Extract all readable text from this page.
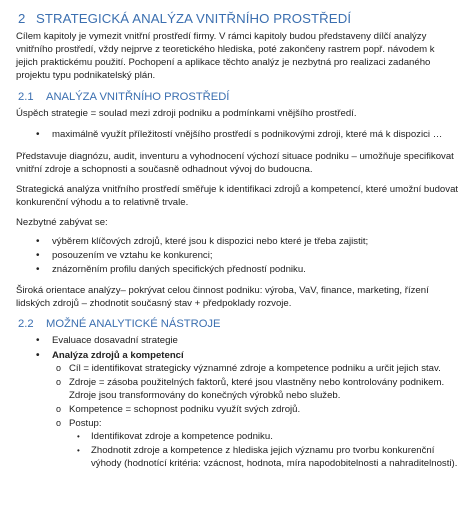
2 STRATEGICKÁ ANALÝZA VNITŘNÍHO PROSTŘEDÍ

Cílem kapitoly je vymezit vnitřní prostředí firmy. V rámci kapitoly budou představeny dílčí analýzy vnitřního prostředí, vždy nejprve z teoretického hlediska, poté zakončeny rastrem popř. návodem k jejich praktickému použití. Pochopení a aplikace těchto analýz je nezbytná pro realizaci zadaného projektu typu podnikatelský plán.

2.1 ANALÝZA VNITŘNÍHO PROSTŘEDÍ

Úspěch strategie = soulad mezi zdroji podniku a podmínkami vnějšího prostředí.

• maximálně využít příležitostí vnějšího prostředí s podnikovými zdroji, které má k dispozici …

Představuje diagnózu, audit, inventuru a vyhodnocení výchozí situace podniku – umožňuje specifikovat vnitřní zdroje a schopnosti a současně odhadnout vývoj do budoucna.

Strategická analýza vnitřního prostředí směřuje k identifikaci zdrojů a kompetencí, které umožní budovat konkurenční výhodu a to relativně trvale.

Nezbytné zabývat se:

• výběrem klíčových zdrojů, které jsou k dispozici nebo které je třeba zajistit;
• posouzením ve vztahu ke konkurenci;
• znázorněním profilu daných specifických předností podniku.

Široká orientace analýzy– pokrývat celou činnost podniku: výroba, VaV, finance, marketing, řízení lidských zdrojů – zhodnotit současný stav + předpoklady rozvoje.

2.2 MOŽNÉ ANALYTICKÉ NÁSTROJE
• Evaluace dosavadní strategie
• Analýza zdrojů a kompetencí
o Cíl = identifikovat strategicky významné zdroje a kompetence podniku a určit jejich stav.
o Zdroje = zásoba použitelných faktorů, které jsou vlastněny nebo kontrolovány podnikem. Zdroje jsou transformovány do konečných výrobků nebo služeb.
o Kompetence = schopnost podniku využít svých zdrojů.
o Postup:
• Identifikovat zdroje a kompetence podniku.
• Zhodnotit zdroje a kompetence z hlediska jejich významu pro tvorbu konkurenční výhody (hodnotící kritéria: vzácnost, hodnota, míra napodobitelnosti a nahraditelnosti).
